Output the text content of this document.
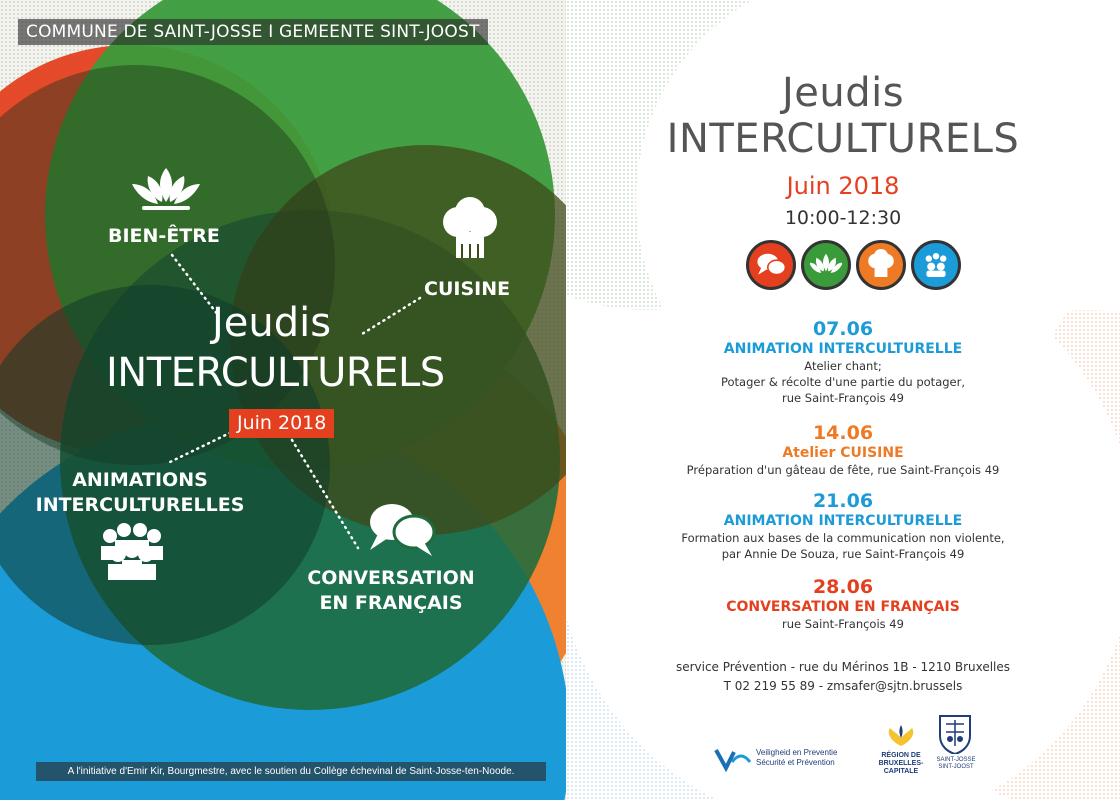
COMMUNE DE SAINT-JOSSE I GEMEENTE SINT-JOOST
BIEN-ÊTRE
CUISINE
ANIMATIONS
INTERCULTURELLES
CONVERSATION
EN FRANÇAIS
Jeudis
INTERCULTURELS
Juin 2018
A l'initiative d'Emir Kir, Bourgmestre, avec le soutien du Collège échevinal de Saint-Josse-ten-Noode.
Jeudis
INTERCULTURELS
Juin 2018
10:00-12:30
07.06
ANIMATION INTERCULTURELLE
Atelier chant;
Potager & récolte d'une partie du potager,
rue Saint-François 49
14.06
Atelier CUISINE
Préparation d'un gâteau de fête, rue Saint-François 49
21.06
ANIMATION INTERCULTURELLE
Formation aux bases de la communication non violente,
par Annie De Souza, rue Saint-François 49
28.06
CONVERSATION EN FRANÇAIS
rue Saint-François 49
service Prévention - rue du Mérinos 1B - 1210 Bruxelles
T 02 219 55 89 - zmsafer@sjtn.brussels
Veiligheid en Preventie
Sécurité et Prévention
RÉGION DE
BRUXELLES-
CAPITALE
SAINT-JOSSE
SINT-JOOST
